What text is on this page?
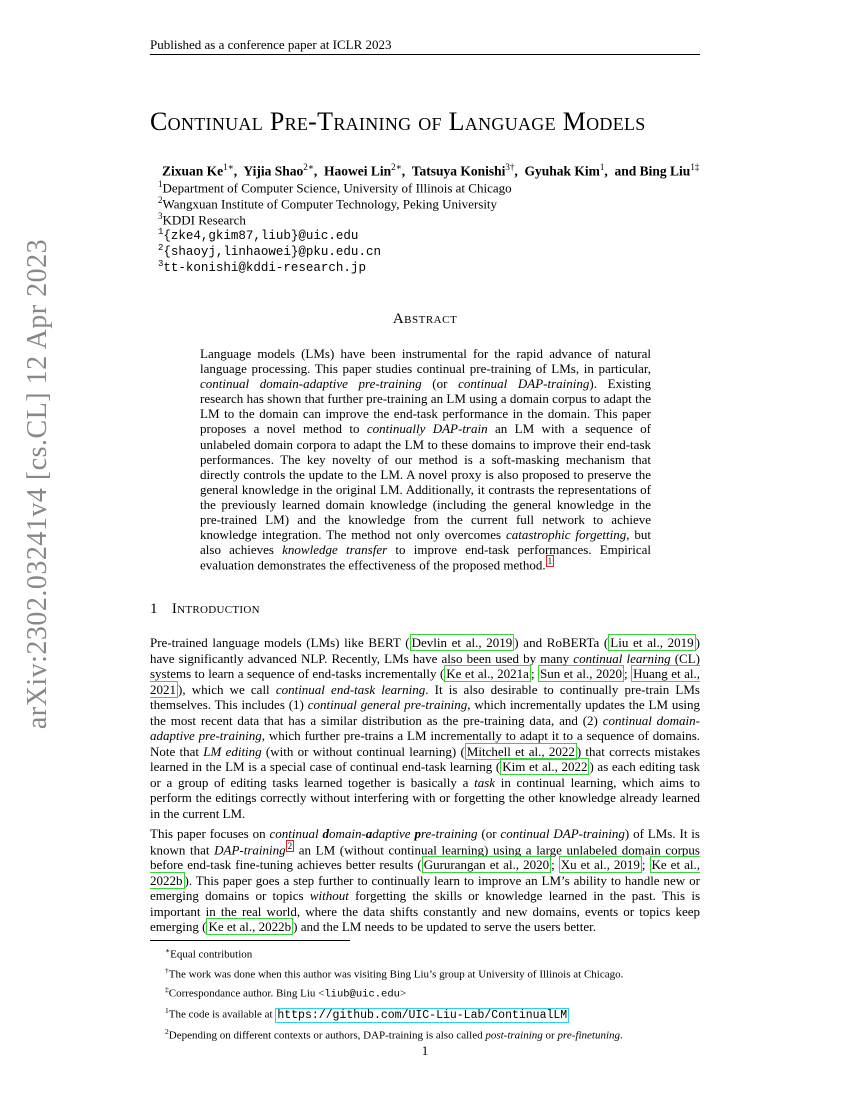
Published as a conference paper at ICLR 2023
arXiv:2302.03241v4 [cs.CL] 12 Apr 2023
Continual Pre-Training of Language Models
Zixuan $Ke^{1∗}$,  Yijia Shao$^{2∗}$,  Haowei Lin$^{2∗}$,  Tatsuya Konishi$^{3\dagger}$,  Gyuhak Kim$^1$,  and Bing Liu$^{1\ddagger}$
$^1$Department of Computer Science, University of Illinois at Chicago
$^2$Wangxuan Institute of Computer Technology, Peking University
$^3$KDDI Research
$^1${zke4,gkim87,liub}@uic.edu
$^2${shaoyj,linhaowei}@pku.edu.cn
$^3$tt-konishi@kddi-research.jp
Abstract
Language models (LMs) have been instrumental for the rapid advance of natural language processing. This paper studies continual pre-training of LMs, in particular, continual domain-adaptive pre-training (or continual DAP-training). Existing research has shown that further pre-training an LM using a domain corpus to adapt the LM to the domain can improve the end-task performance in the domain. This paper proposes a novel method to continually DAP-train an LM with a sequence of unlabeled domain corpora to adapt the LM to these domains to improve their end-task performances. The key novelty of our method is a soft-masking mechanism that directly controls the update to the LM. A novel proxy is also proposed to preserve the general knowledge in the original LM. Additionally, it contrasts the representations of the previously learned domain knowledge (including the general knowledge in the pre-trained LM) and the knowledge from the current full network to achieve knowledge integration. The method not only overcomes catastrophic forgetting, but also achieves knowledge transfer to improve end-task performances. Empirical evaluation demonstrates the effectiveness of the proposed method. $^1$
1 Introduction
Pre-trained language models (LMs) like BERT ( Devlin et al., 2019 ) and RoBERTa ( Liu et al., 2019 ) have significantly advanced NLP. Recently, LMs have also been used by many continual learning (CL) systems to learn a sequence of end-tasks incrementally ( Ke et al., 2021a ; Sun et al., 2020 ; Huang et al., 2021 ), which we call continual end-task learning. It is also desirable to continually pre-train LMs themselves. This includes (1) continual general pre-training, which incrementally updates the LM using the most recent data that has a similar distribution as the pre-training data, and (2) continual domain-adaptive pre-training, which further pre-trains a LM incrementally to adapt it to a sequence of domains. Note that LM editing (with or without continual learning) ( Mitchell et al., 2022 ) that corrects mistakes learned in the LM is a special case of continual end-task learning ( Kim et al., 2022 ) as each editing task or a group of editing tasks learned together is basically a task in continual learning, which aims to perform the editings correctly without interfering with or forgetting the other knowledge already learned in the current LM.
This paper focuses on continual domain-adaptive pre-training (or continual DAP-training) of LMs. It is known that DAP-training $^2$ an LM (without continual learning) using a large unlabeled domain corpus before end-task fine-tuning achieves better results ( Gururangan et al., 2020 ; Xu et al., 2019 ; Ke et al., 2022b ). This paper goes a step further to continually learn to improve an LM’s ability to handle new or emerging domains or topics without forgetting the skills or knowledge learned in the past. This is important in the real world, where the data shifts constantly and new domains, events or topics keep emerging ( Ke et al., 2022b ) and the LM needs to be updated to serve the users better.
∗Equal contribution
†The work was done when this author was visiting Bing Liu’s group at University of Illinois at Chicago.
‡Correspondance author. Bing Liu <liub@uic.edu>
$^1$The code is available at https://github.com/UIC-Liu-Lab/ContinualLM
$^2$Depending on different contexts or authors, DAP-training is also called post-training or pre-finetuning.
1
